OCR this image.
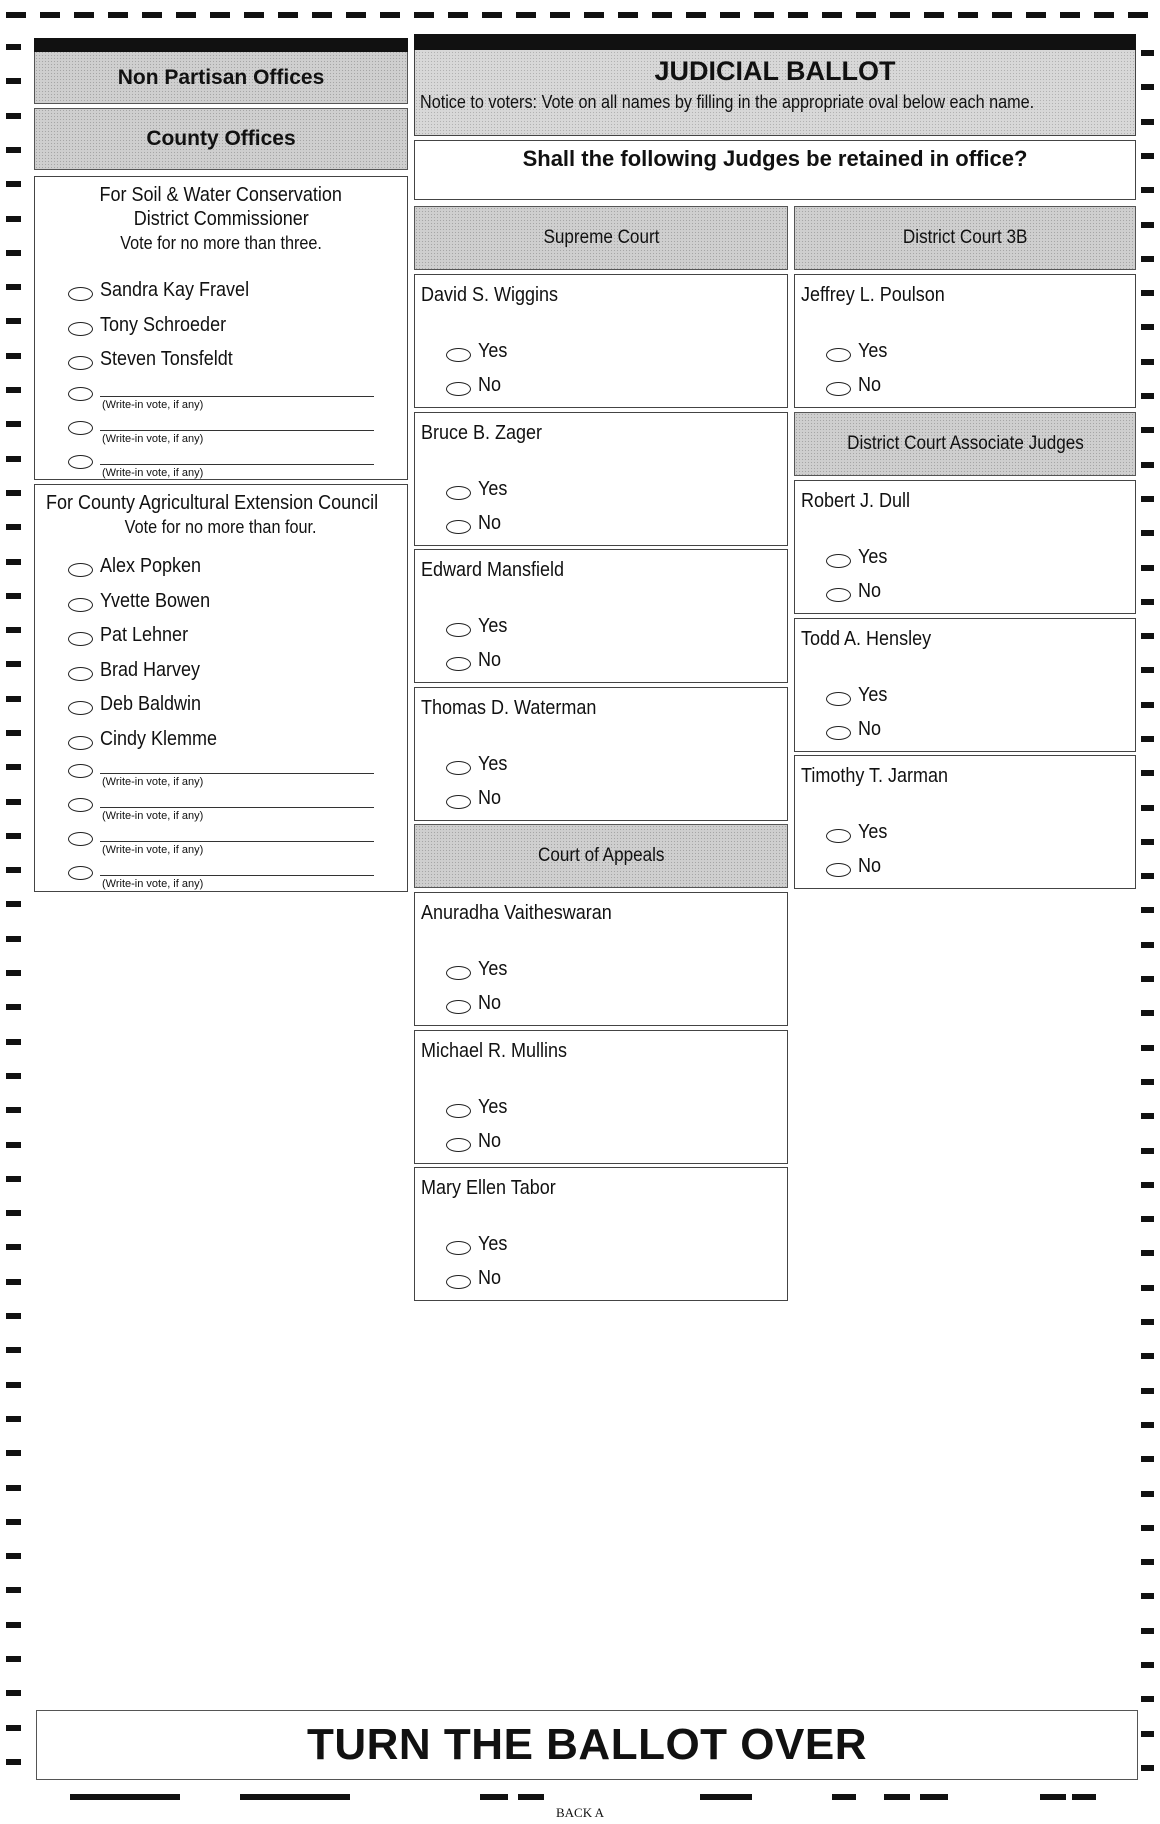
Non Partisan Offices
County Offices
For Soil & Water Conservation
District Commissioner
Vote for no more than three.
Sandra Kay Fravel
Tony Schroeder
Steven Tonsfeldt
(Write-in vote, if any)
(Write-in vote, if any)
(Write-in vote, if any)
For County Agricultural Extension Council
Vote for no more than four.
Alex Popken
Yvette Bowen
Pat Lehner
Brad Harvey
Deb Baldwin
Cindy Klemme
(Write-in vote, if any)
(Write-in vote, if any)
(Write-in vote, if any)
(Write-in vote, if any)
JUDICIAL BALLOT
Notice to voters: Vote on all names by filling in the appropriate oval below each name.
Shall the following Judges be retained in office?
Supreme Court	District Court 3B
David S. Wiggins
Yes
No
Bruce B. Zager
Yes
No
Edward Mansfield
Yes
No
Thomas D. Waterman
Yes
No
Anuradha Vaitheswaran
Yes
No
Michael R. Mullins
Yes
No
Mary Ellen Tabor
Yes
No
Jeffrey L. Poulson
Yes
No
Robert J. Dull
Yes
No
Todd A. Hensley
Yes
No
Timothy T. Jarman
Yes
No
Court of Appeals
District Court Associate Judges
TURN THE BALLOT OVER
BACK A
